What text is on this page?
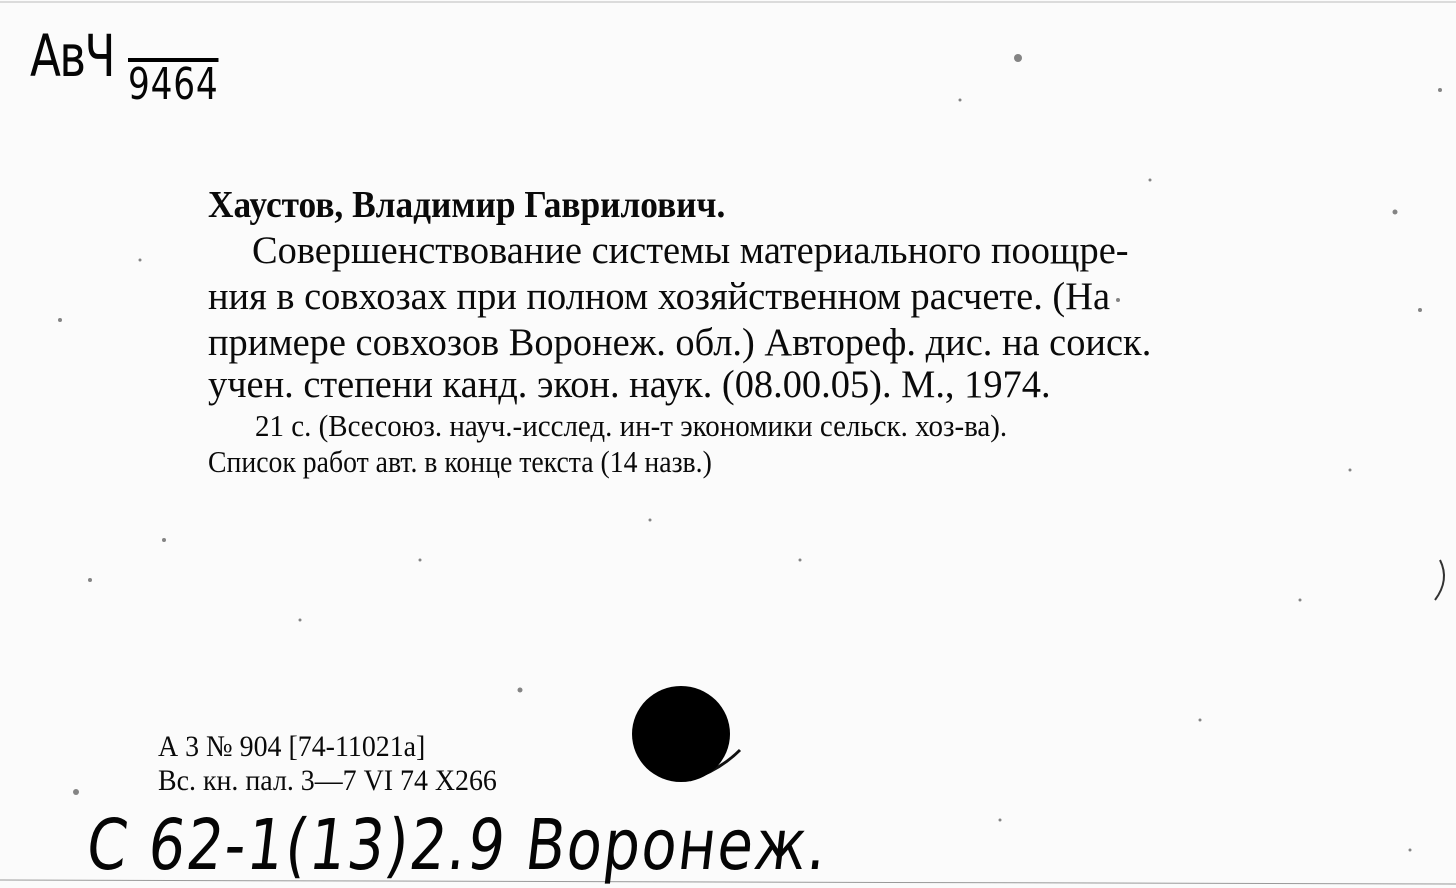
АвЧ 9464
Хаустов, Владимир Гаврилович.
Совершенствование системы материального поощре-
ния в совхозах при полном хозяйственном расчете. (На
примере совхозов Воронеж. обл.) Автореф. дис. на соиск.
учен. степени канд. экон. наук. (08.00.05). М., 1974.
21 с. (Всесоюз. науч.-исслед. ин-т экономики сельск. хоз-ва).
Список работ авт. в конце текста (14 назв.)
А 3 № 904 [74-11021а]
Вс. кн. пал. 3—7 VI 74 Х266
С 62-1(13)2.9 Воронеж.
